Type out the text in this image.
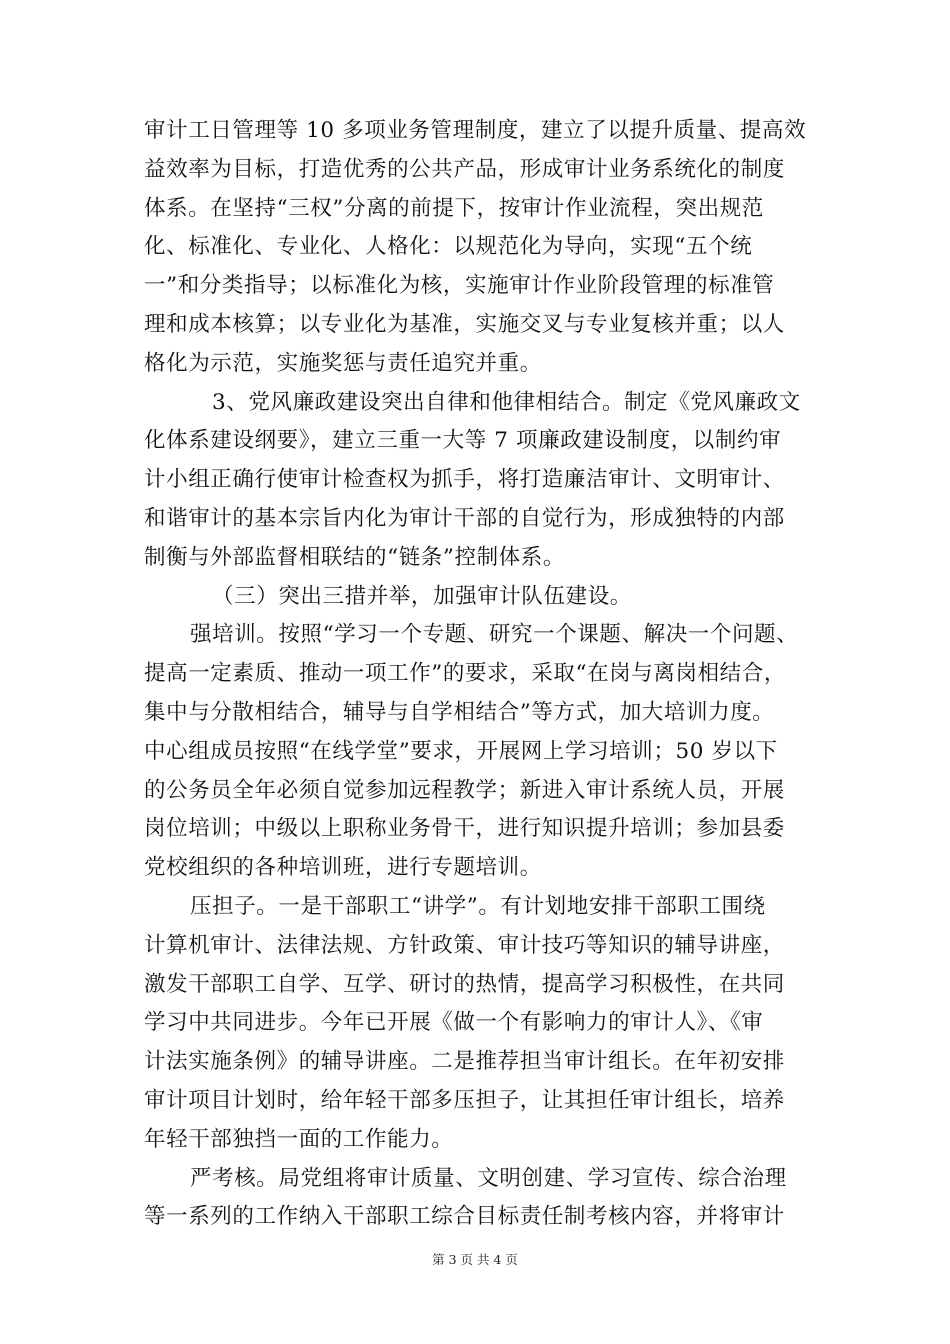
审计工日管理等 10 多项业务管理制度，建立了以提升质量、提高效
益效率为目标，打造优秀的公共产品，形成审计业务系统化的制度
体系。在坚持“三权”分离的前提下，按审计作业流程，突出规范
化、标准化、专业化、人格化：以规范化为导向，实现“五个统
一”和分类指导；以标准化为核，实施审计作业阶段管理的标准管
理和成本核算；以专业化为基准，实施交叉与专业复核并重；以人
格化为示范，实施奖惩与责任追究并重。
3、党风廉政建设突出自律和他律相结合。制定《党风廉政文
化体系建设纲要》，建立三重一大等 7 项廉政建设制度，以制约审
计小组正确行使审计检查权为抓手，将打造廉洁审计、文明审计、
和谐审计的基本宗旨内化为审计干部的自觉行为，形成独特的内部
制衡与外部监督相联结的“链条”控制体系。
（三）突出三措并举，加强审计队伍建设。
强培训。按照“学习一个专题、研究一个课题、解决一个问题、
提高一定素质、推动一项工作”的要求，采取“在岗与离岗相结合，
集中与分散相结合，辅导与自学相结合”等方式，加大培训力度。
中心组成员按照“在线学堂”要求，开展网上学习培训；50 岁以下
的公务员全年必须自觉参加远程教学；新进入审计系统人员，开展
岗位培训；中级以上职称业务骨干，进行知识提升培训；参加县委
党校组织的各种培训班，进行专题培训。
压担子。一是干部职工“讲学”。有计划地安排干部职工围绕
计算机审计、法律法规、方针政策、审计技巧等知识的辅导讲座，
激发干部职工自学、互学、研讨的热情，提高学习积极性，在共同
学习中共同进步。今年已开展《做一个有影响力的审计人》、《审
计法实施条例》的辅导讲座。二是推荐担当审计组长。在年初安排
审计项目计划时，给年轻干部多压担子，让其担任审计组长，培养
年轻干部独挡一面的工作能力。
严考核。局党组将审计质量、文明创建、学习宣传、综合治理
等一系列的工作纳入干部职工综合目标责任制考核内容，并将审计
第 3 页 共 4 页
